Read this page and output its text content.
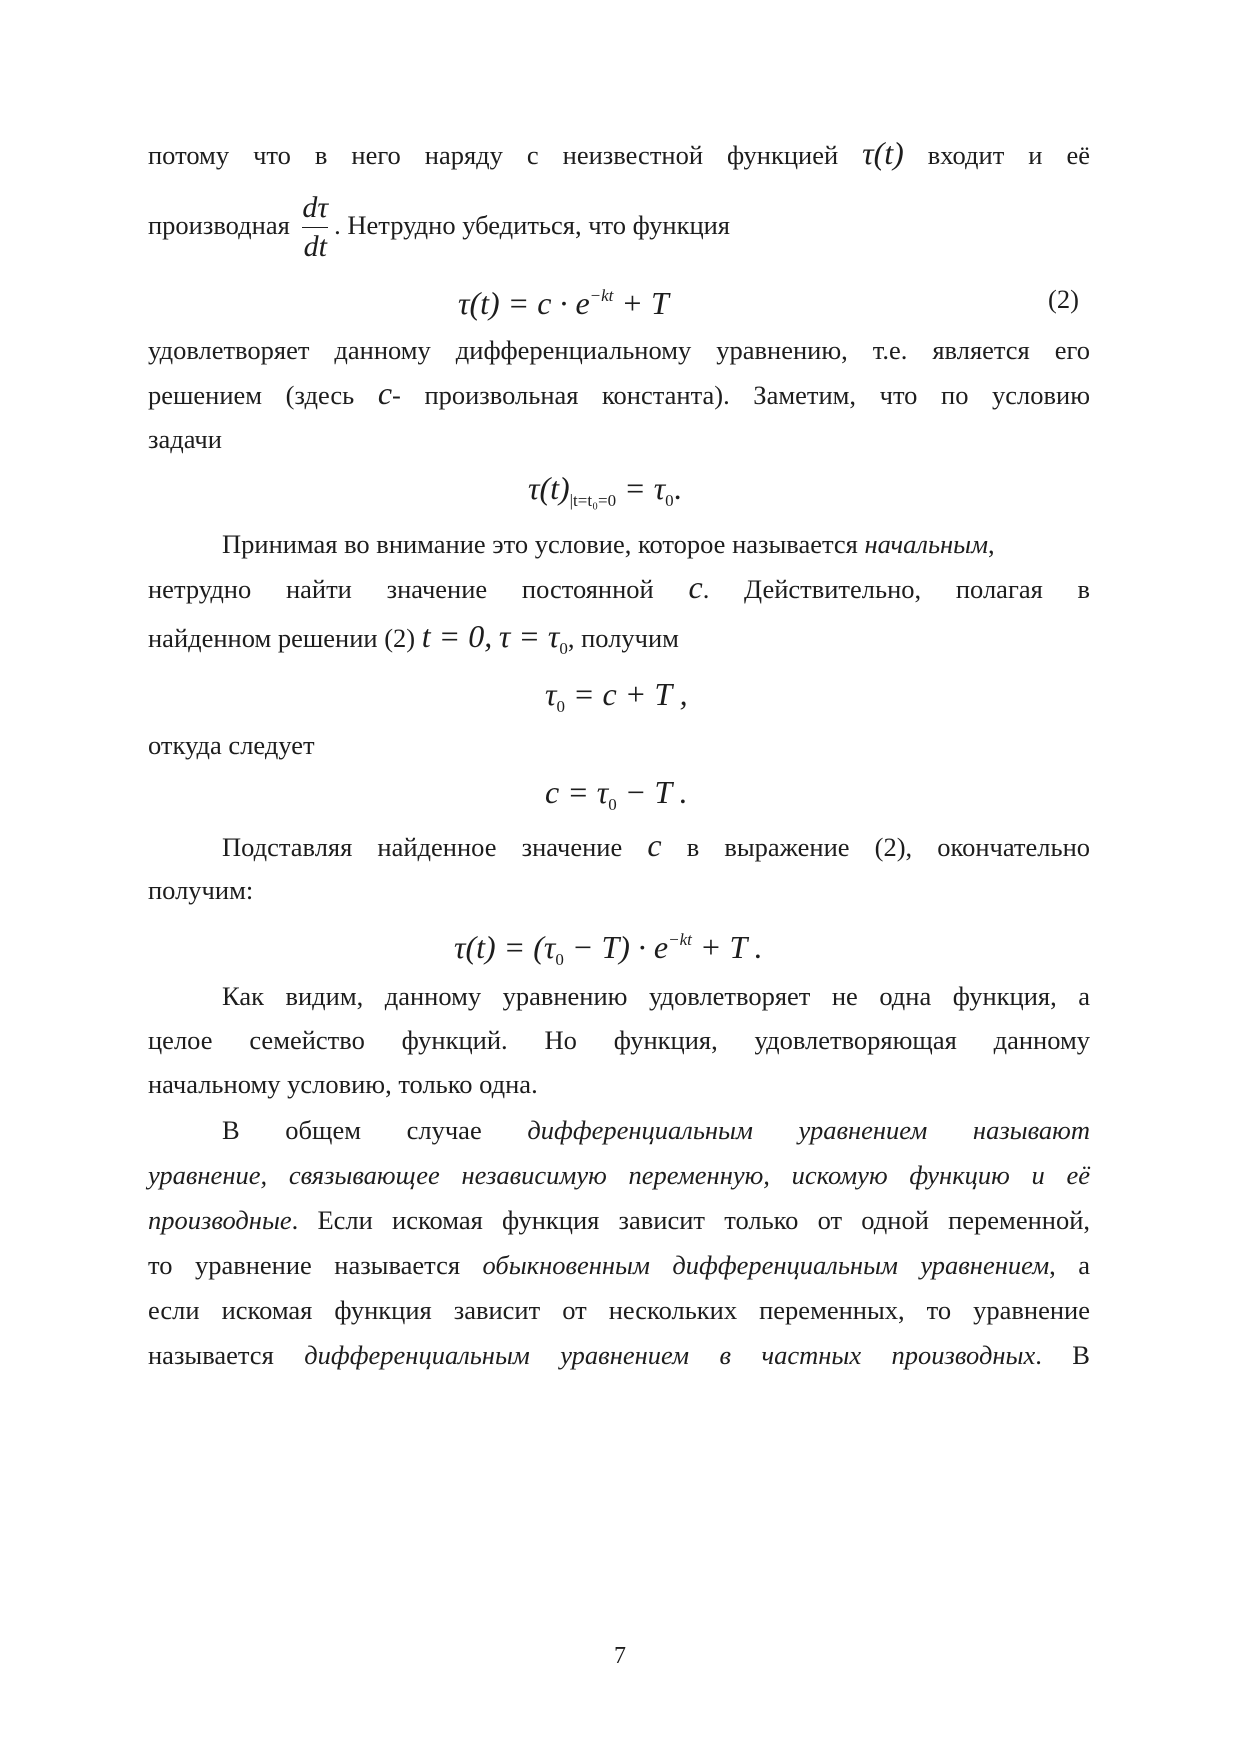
потому что в него наряду с неизвестной функцией τ(t) входит и её
производная $\frac{d\tau}{dt}$ . Нетрудно убедиться, что функция
$\tau(t) = c \cdot e^{-kt} + T$	(2)
удовлетворяет данному дифференциальному уравнению, т.е. является его
решением (здесь c- произвольная константа). Заметим, что по условию
задачи
$\tau(t)_{|t=t_0=0} = \tau_0$.
Принимая во внимание это условие, которое называется начальным,
нетрудно найти значение постоянной c. Действительно, полагая в
найденном решении (2) t = 0, $\tau = \tau_0$, получим
$\tau_0 = c + T$ ,
откуда следует
$c = \tau_0 - T$ .
Подставляя найденное значение c в выражение (2), окончательно
получим:
$\tau(t) = (\tau_0 - T) \cdot e^{-kt} + T$ .
Как видим, данному уравнению удовлетворяет не одна функция, а
целое семейство функций. Но функция, удовлетворяющая данному
начальному условию, только одна.
В общем случае дифференциальным уравнением называют
уравнение, связывающее независимую переменную, искомую функцию и её
производные. Если искомая функция зависит только от одной переменной,
то уравнение называется обыкновенным дифференциальным уравнением, а
если искомая функция зависит от нескольких переменных, то уравнение
называется дифференциальным уравнением в частных производных. В
7
